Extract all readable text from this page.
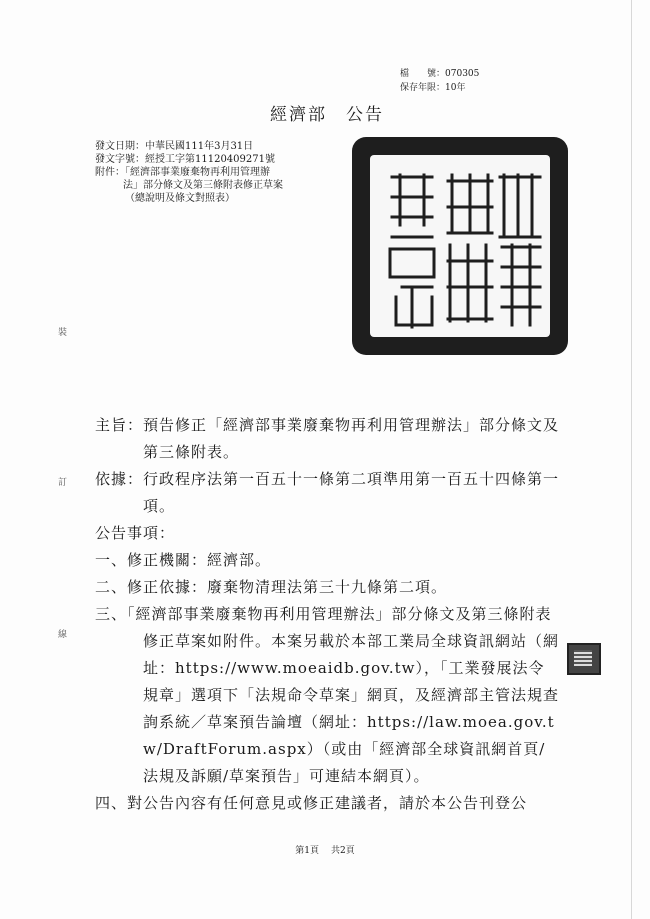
檔　　號：070305
保存年限：10年
經濟部　 公告
發文日期：中華民國111年3月31日
發文字號：經授工字第11120409271號
附件：「經濟部事業廢棄物再利用管理辦
法」部分條文及第三條附表修正草案
（總說明及條文對照表）
裝
訂
線

主旨：預告修正「經濟部事業廢棄物再利用管理辦法」部分條文及第三條附表。

依據：行政程序法第一百五十一條第二項準用第一百五十四條第一項。

公告事項：

一、修正機關：經濟部。

二、修正依據：廢棄物清理法第三十九條第二項。

三、「經濟部事業廢棄物再利用管理辦法」部分條文及第三條附表修正草案如附件。本案另載於本部工業局全球資訊網站（網址：https://www.moeaidb.gov.tw），「工業發展法令規章」選項下「法規命令草案」網頁，及經濟部主管法規查詢系統／草案預告論壇（網址：https://law.moea.gov.tw/DraftForum.aspx）（或由「經濟部全球資訊網首頁/法規及訴願/草案預告」可連結本網頁）。

四、對公告內容有任何意見或修正建議者，請於本公告刊登公

第1頁 共2頁
